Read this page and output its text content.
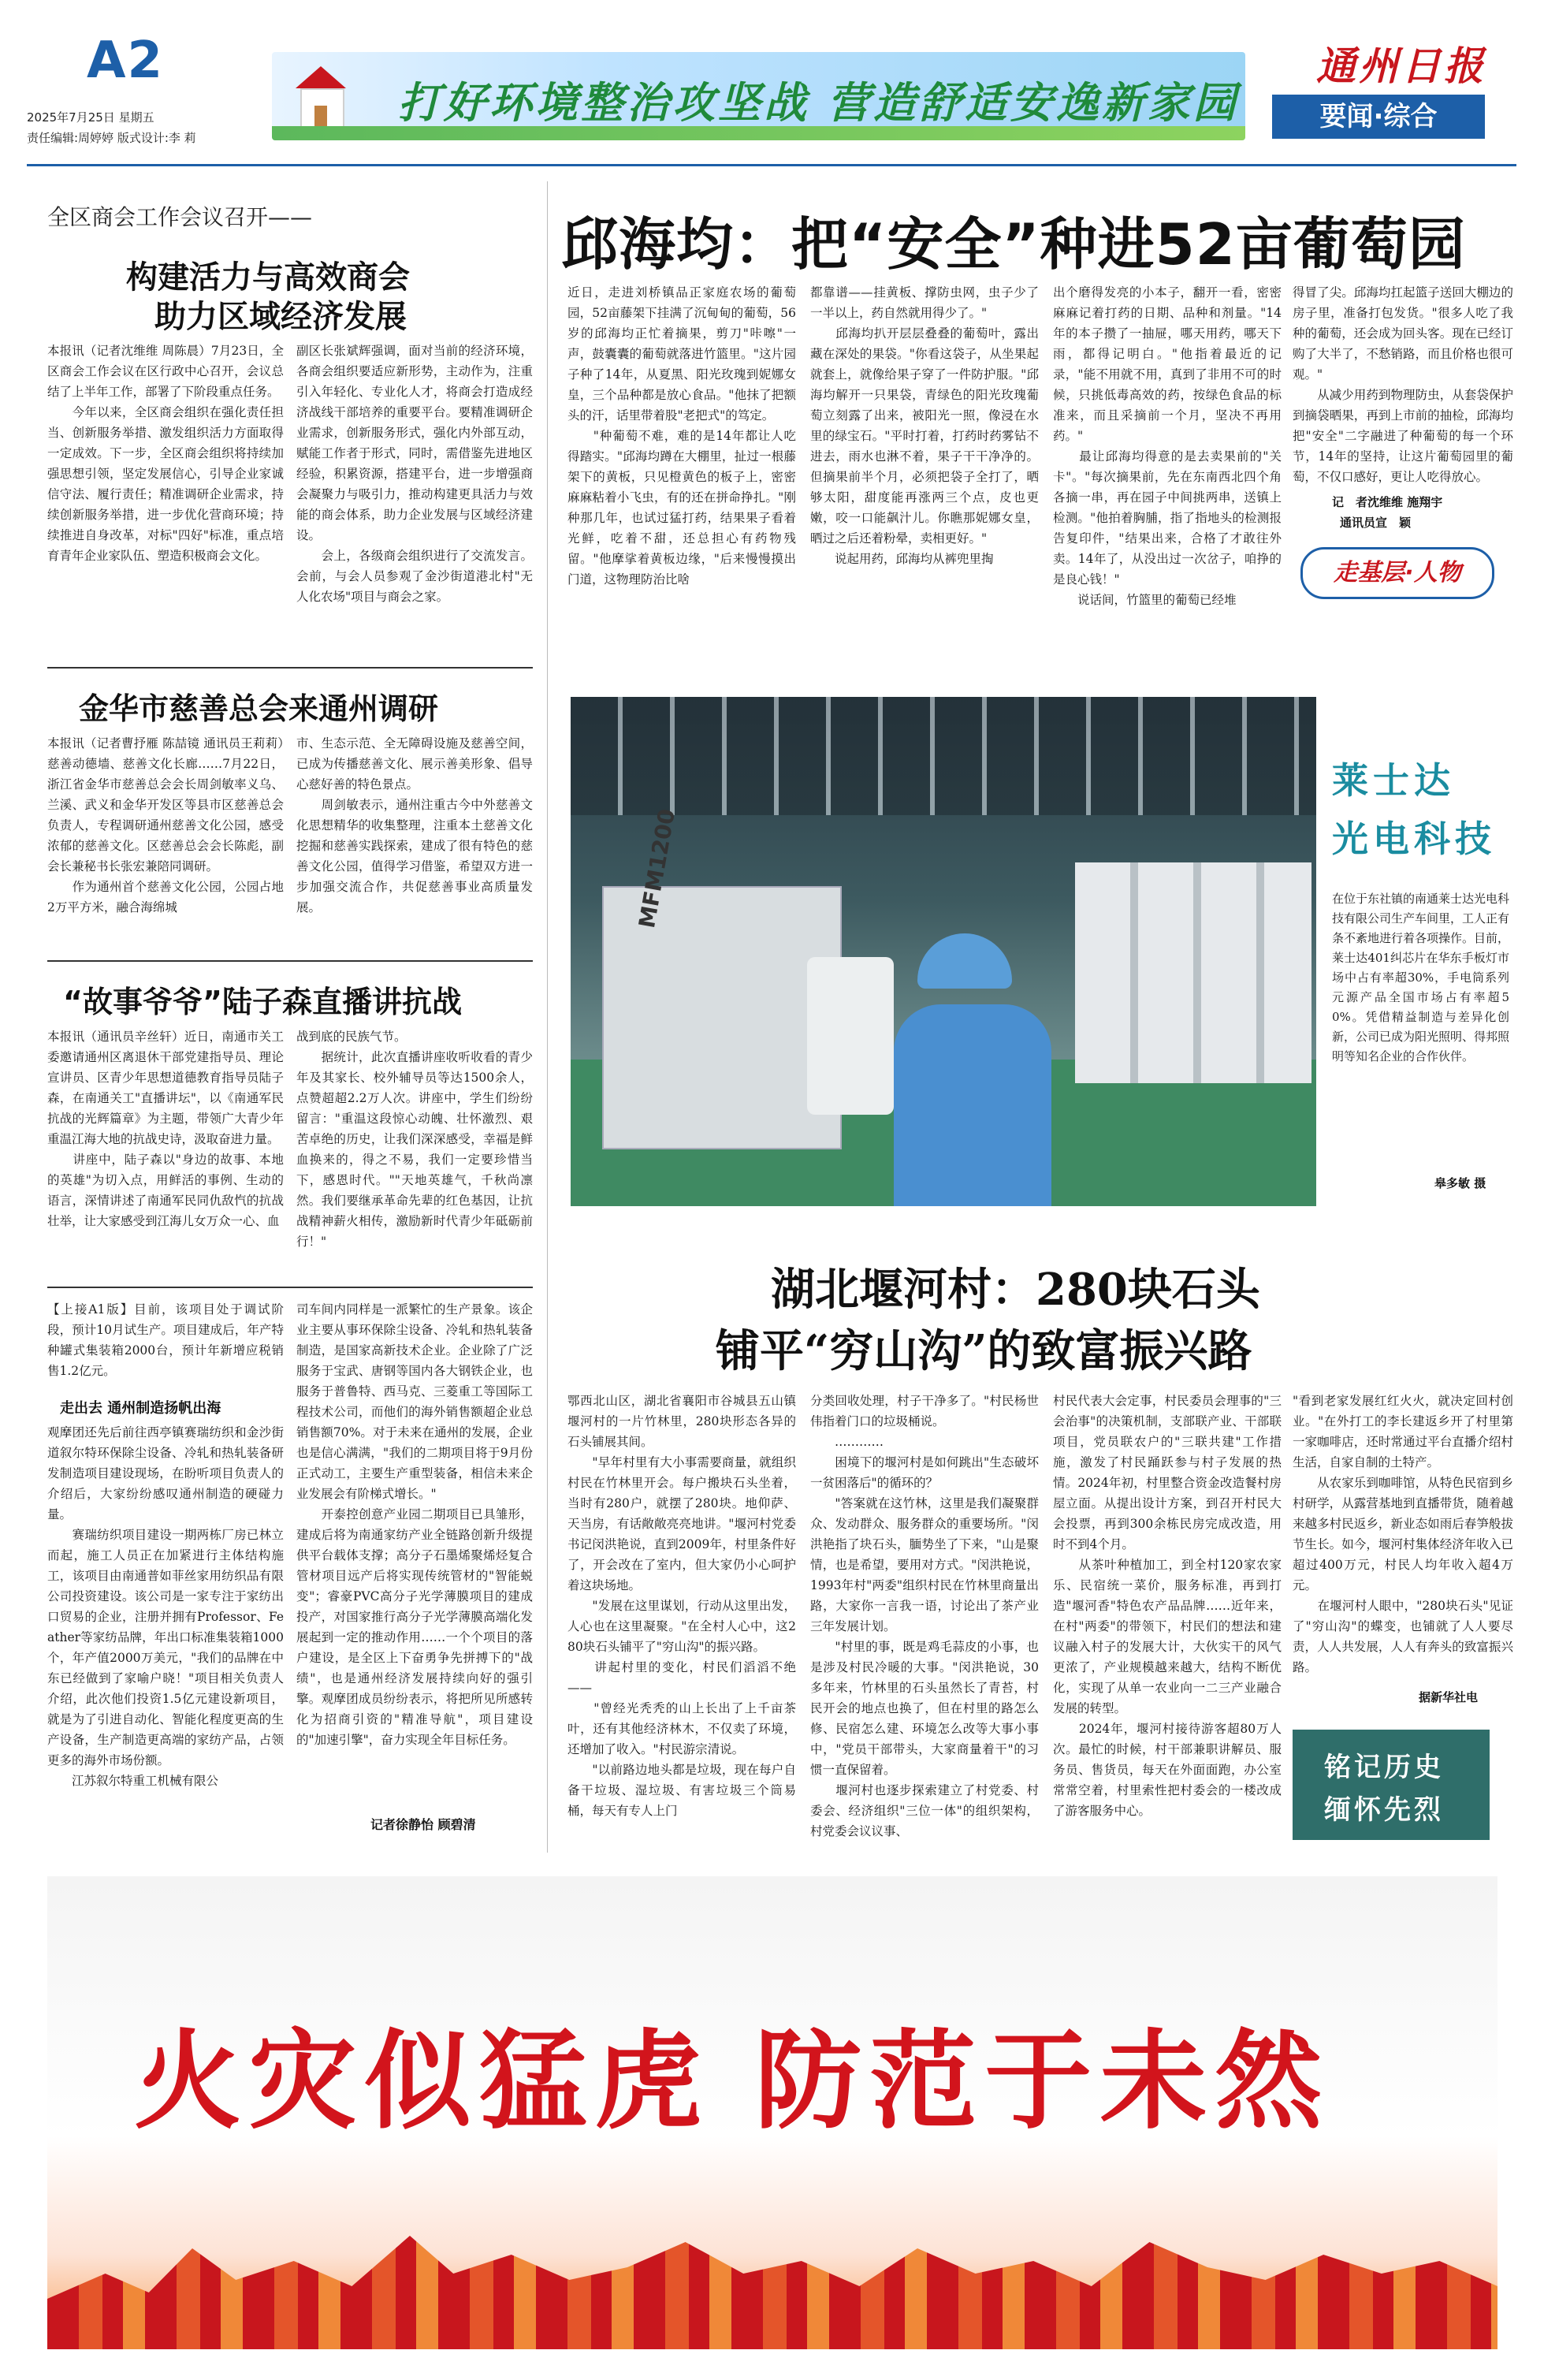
A2
2025年7月25日 星期五
责任编辑:周婷婷 版式设计:李 莉
打好环境整治攻坚战 营造舒适安逸新家园
通州日报
要闻·综合
全区商会工作会议召开——
构建活力与高效商会
助力区域经济发展
本报讯（记者沈维维 周陈晨）7月23日，全区商会工作会议在区行政中心召开，会议总结了上半年工作，部署了下阶段重点任务。
　　今年以来，全区商会组织在强化责任担当、创新服务举措、激发组织活力方面取得一定成效。下一步，全区商会组织将持续加强思想引领，坚定发展信心，引导企业家诚信守法、履行责任；精准调研企业需求，持续创新服务举措，进一步优化营商环境；持续推进自身改革，对标"四好"标准，重点培育青年企业家队伍、塑造积极商会文化。
副区长张斌辉强调，面对当前的经济环境，各商会组织要适应新形势，主动作为，注重引入年轻化、专业化人才，将商会打造成经济战线干部培养的重要平台。要精准调研企业需求，创新服务形式，强化内外部互动，赋能工作者于形式，同时，需借鉴先进地区经验，积累资源，搭建平台，进一步增强商会凝聚力与吸引力，推动构建更具活力与效能的商会体系，助力企业发展与区域经济建设。
　　会上，各级商会组织进行了交流发言。会前，与会人员参观了金沙街道港北村"无人化农场"项目与商会之家。
金华市慈善总会来通州调研
本报讯（记者曹抒雁 陈喆镜 通讯员王莉莉）慈善动德墙、慈善文化长廊……7月22日，浙江省金华市慈善总会会长周剑敏率义乌、兰溪、武义和金华开发区等县市区慈善总会负责人，专程调研通州慈善文化公园，感受浓郁的慈善文化。区慈善总会会长陈彪，副会长兼秘书长张宏兼陪同调研。
　　作为通州首个慈善文化公园，公园占地2万平方米，融合海绵城
市、生态示范、全无障碍设施及慈善空间，已成为传播慈善文化、展示善美形象、倡导心慈好善的特色景点。
　　周剑敏表示，通州注重古今中外慈善文化思想精华的收集整理，注重本土慈善文化挖掘和慈善实践探索，建成了很有特色的慈善文化公园，值得学习借鉴，希望双方进一步加强交流合作，共促慈善事业高质量发展。
“故事爷爷”陆子森直播讲抗战
本报讯（通讯员辛丝轩）近日，南通市关工委邀请通州区离退休干部党建指导员、理论宣讲员、区青少年思想道德教育指导员陆子森，在南通关工"直播讲坛"，以《南通军民抗战的光辉篇章》为主题，带领广大青少年重温江海大地的抗战史诗，汲取奋进力量。
　　讲座中，陆子森以"身边的故事、本地的英雄"为切入点，用鲜活的事例、生动的语言，深情讲述了南通军民同仇敌忾的抗战壮举，让大家感受到江海儿女万众一心、血
战到底的民族气节。
　　据统计，此次直播讲座收听收看的青少年及其家长、校外辅导员等达1500余人，点赞超超2.2万人次。讲座中，学生们纷纷留言："重温这段惊心动魄、壮怀激烈、艰苦卓绝的历史，让我们深深感受，幸福是鲜血换来的，得之不易，我们一定要珍惜当下，感恩时代。""天地英雄气，千秋尚凛然。我们要继承革命先辈的红色基因，让抗战精神薪火相传，激励新时代青少年砥砺前行！"
【上接A1版】目前，该项目处于调试阶段，预计10月试生产。项目建成后，年产特种罐式集装箱2000台，预计年新增应税销售1.2亿元。
走出去 通州制造扬帆出海
观摩团还先后前往西亭镇赛瑞纺织和金沙街道叙尔特环保除尘设备、冷轧和热轧装备研发制造项目建设现场，在盼听项目负责人的介绍后，大家纷纷感叹通州制造的硬碰力量。
　　赛瑞纺织项目建设一期两栋厂房已林立而起，施工人员正在加紧进行主体结构施工，该项目由南通普如菲丝家用纺织品有限公司投资建设。该公司是一家专注于家纺出口贸易的企业，注册并拥有Professor、Feather等家纺品牌，年出口标准集装箱1000个，年产值2000万美元，"我们的品牌在中东已经做到了家喻户晓！"项目相关负责人介绍，此次他们投资1.5亿元建设新项目，就是为了引进自动化、智能化程度更高的生产设备，生产制造更高端的家纺产品，占领更多的海外市场份额。
　　江苏叙尔特重工机械有限公
司车间内同样是一派繁忙的生产景象。该企业主要从事环保除尘设备、冷轧和热轧装备制造，是国家高新技术企业。企业除了广泛服务于宝武、唐钢等国内各大钢铁企业，也服务于普鲁特、西马克、三菱重工等国际工程技术公司，而他们的海外销售额超企业总销售额70%。对于未来在通州的发展，企业也是信心满满，"我们的二期项目将于9月份正式动工，主要生产重型装备，相信未来企业发展会有阶梯式增长。"
　　开泰控创意产业园二期项目已具雏形，建成后将为南通家纺产业全链路创新升级提供平台载体支撑；高分子石墨烯聚烯烃复合管材项目远产后将实现传统管材的"智能蜕变"；睿豪PVC高分子光学薄膜项目的建成投产，对国家推行高分子光学薄膜高端化发展起到一定的推动作用……一个个项目的落户建设，是全区上下奋勇争先拼搏下的"战绩"，也是通州经济发展持续向好的强引擎。观摩团成员纷纷表示，将把所见所感转化为招商引资的"精准导航"，项目建设的"加速引擎"，奋力实现全年目标任务。
记者徐静怡 顾碧清
邱海均：把“安全”种进52亩葡萄园
近日，走进刘桥镇品正家庭农场的葡萄园，52亩藤架下挂满了沉甸甸的葡萄，56岁的邱海均正忙着摘果，剪刀"咔嚓"一声，鼓囊囊的葡萄就落进竹篮里。"这片园子种了14年，从夏黑、阳光玫瑰到妮娜女皇，三个品种都是放心食品。"他抹了把额头的汗，话里带着股"老把式"的笃定。
　　"种葡萄不难，难的是14年都让人吃得踏实。"邱海均蹲在大棚里，扯过一根藤架下的黄板，只见橙黄色的板子上，密密麻麻粘着小飞虫，有的还在拼命挣扎。"刚种那几年，也试过猛打药，结果果子看着光鲜，吃着不甜，还总担心有药物残留。"他摩挲着黄板边缘，"后来慢慢摸出门道，这物理防治比啥
都靠谱——挂黄板、撑防虫网，虫子少了一半以上，药自然就用得少了。"
　　邱海均扒开层层叠叠的葡萄叶，露出藏在深处的果袋。"你看这袋子，从坐果起就套上，就像给果子穿了一件防护服。"邱海均解开一只果袋，青绿色的阳光玫瑰葡萄立刻露了出来，被阳光一照，像浸在水里的绿宝石。"平时打着，打药时药雾钻不进去，雨水也淋不着，果子干干净净的。但摘果前半个月，必须把袋子全打了，晒够太阳，甜度能再涨两三个点，皮也更嫩，咬一口能飙汁儿。你瞧那妮娜女皇，晒过之后还着粉晕，卖相更好。"
　　说起用药，邱海均从裤兜里掏
出个磨得发亮的小本子，翻开一看，密密麻麻记着打药的日期、品种和剂量。"14年的本子攒了一抽屉，哪天用药，哪天下雨，都得记明白。"他指着最近的记录，"能不用就不用，真到了非用不可的时候，只挑低毒高效的药，按绿色食品的标准来，而且采摘前一个月，坚决不再用药。"
　　最让邱海均得意的是去卖果前的"关卡"。"每次摘果前，先在东南西北四个角各摘一串，再在园子中间挑两串，送镇上检测。"他拍着胸脯，指了指地头的检测报告复印件，"结果出来，合格了才敢往外卖。14年了，从没出过一次岔子，咱挣的是良心钱！"
　　说话间，竹篮里的葡萄已经堆
得冒了尖。邱海均扛起篮子送回大棚边的房子里，准备打包发货。"很多人吃了我种的葡萄，还会成为回头客。现在已经订购了大半了，不愁销路，而且价格也很可观。"
　　从减少用药到物理防虫，从套袋保护到摘袋晒果，再到上市前的抽检，邱海均把"安全"二字融进了种葡萄的每一个环节，14年的坚持，让这片葡萄园里的葡萄，不仅口感好，更让人吃得放心。
记　者沈维维 施翔宇
通讯员宣　颖
走基层·人物
MFM1200
莱士达
光电科技
在位于东社镇的南通莱士达光电科技有限公司生产车间里，工人正有条不紊地进行着各项操作。目前，莱士达401纠芯片在华东手板灯市场中占有率超30%，手电筒系列元源产品全国市场占有率超50%。凭借精益制造与差异化创新，公司已成为阳光照明、得邦照明等知名企业的合作伙伴。
皋多敏 摄
湖北堰河村：280块石头
铺平“穷山沟”的致富振兴路
鄂西北山区，湖北省襄阳市谷城县五山镇堰河村的一片竹林里，280块形态各异的石头铺展其间。
　　"早年村里有大小事需要商量，就组织村民在竹林里开会。每户搬块石头坐着，当时有280户，就摆了280块。地仰萨、天当房，有话敞敞亮亮地讲。"堰河村党委书记闵洪艳说，直到2009年，村里条件好了，开会改在了室内，但大家仍小心呵护着这块场地。
　　"发展在这里谋划，行动从这里出发，人心也在这里凝聚。"在全村人心中，这280块石头铺平了"穷山沟"的振兴路。
　　讲起村里的变化，村民们滔滔不绝——
　　"曾经光秃秃的山上长出了上千亩茶叶，还有其他经济林木，不仅卖了环境，还增加了收入。"村民游宗清说。
　　"以前路边地头都是垃圾，现在每户自备干垃圾、湿垃圾、有害垃圾三个筒易桶，每天有专人上门
分类回收处理，村子干净多了。"村民杨世伟指着门口的垃圾桶说。
　　…………
　　困境下的堰河村是如何跳出"生态破坏一贫困落后"的循环的？
　　"答案就在这竹林，这里是我们凝聚群众、发动群众、服务群众的重要场所。"闵洪艳指了块石头，腼势坐了下来，"山是聚情，也是希望，要用对方式。"闵洪艳说，1993年村"两委"组织村民在竹林里商量出路，大家你一言我一语，讨论出了茶产业三年发展计划。
　　"村里的事，既是鸡毛蒜皮的小事，也是涉及村民冷暖的大事。"闵洪艳说，30多年来，竹林里的石头虽然长了青苔，村民开会的地点也换了，但在村里的路怎么修、民宿怎么建、环境怎么改等大事小事中，"党员干部带头，大家商量着干"的习惯一直保留着。
　　堰河村也逐步探索建立了村党委、村委会、经济组织"三位一体"的组织架构，村党委会议议事、
村民代表大会定事，村民委员会理事的"三会治事"的决策机制，支部联产业、干部联项目，党员联农户的"三联共建"工作措施，激发了村民踊跃参与村子发展的热情。2024年初，村里整合资金改造餐村房屋立面。从提出设计方案，到召开村民大会投票，再到300余栋民房完成改造，用时不到4个月。
　　从茶叶种植加工，到全村120家农家乐、民宿统一菜价，服务标准，再到打造"堰河香"特色农产品品牌……近年来，在村"两委"的带领下，村民们的想法和建议融入村子的发展大计，大伙实干的风气更浓了，产业规模越来越大，结构不断优化，实现了从单一农业向一二三产业融合发展的转型。
　　2024年，堰河村接待游客超80万人次。最忙的时候，村干部兼职讲解员、服务员、售货员，每天在外面面跑，办公室常常空着，村里索性把村委会的一楼改成了游客服务中心。
"看到老家发展红红火火，就决定回村创业。"在外打工的李长建返乡开了村里第一家咖啡店，还时常通过平台直播介绍村生活，自家自制的土特产。
　　从农家乐到咖啡馆，从特色民宿到乡村研学，从露营基地到直播带货，随着越来越多村民返乡，新业态如雨后春笋般拔节生长。如今，堰河村集体经济年收入已超过400万元，村民人均年收入超4万元。
　　在堰河村人眼中，"280块石头"见证了"穷山沟"的蝶变，也铺就了人人要尽责，人人共发展，人人有奔头的致富振兴路。
据新华社电
铭记历史
缅怀先烈
火灾似猛虎 防范于未然
